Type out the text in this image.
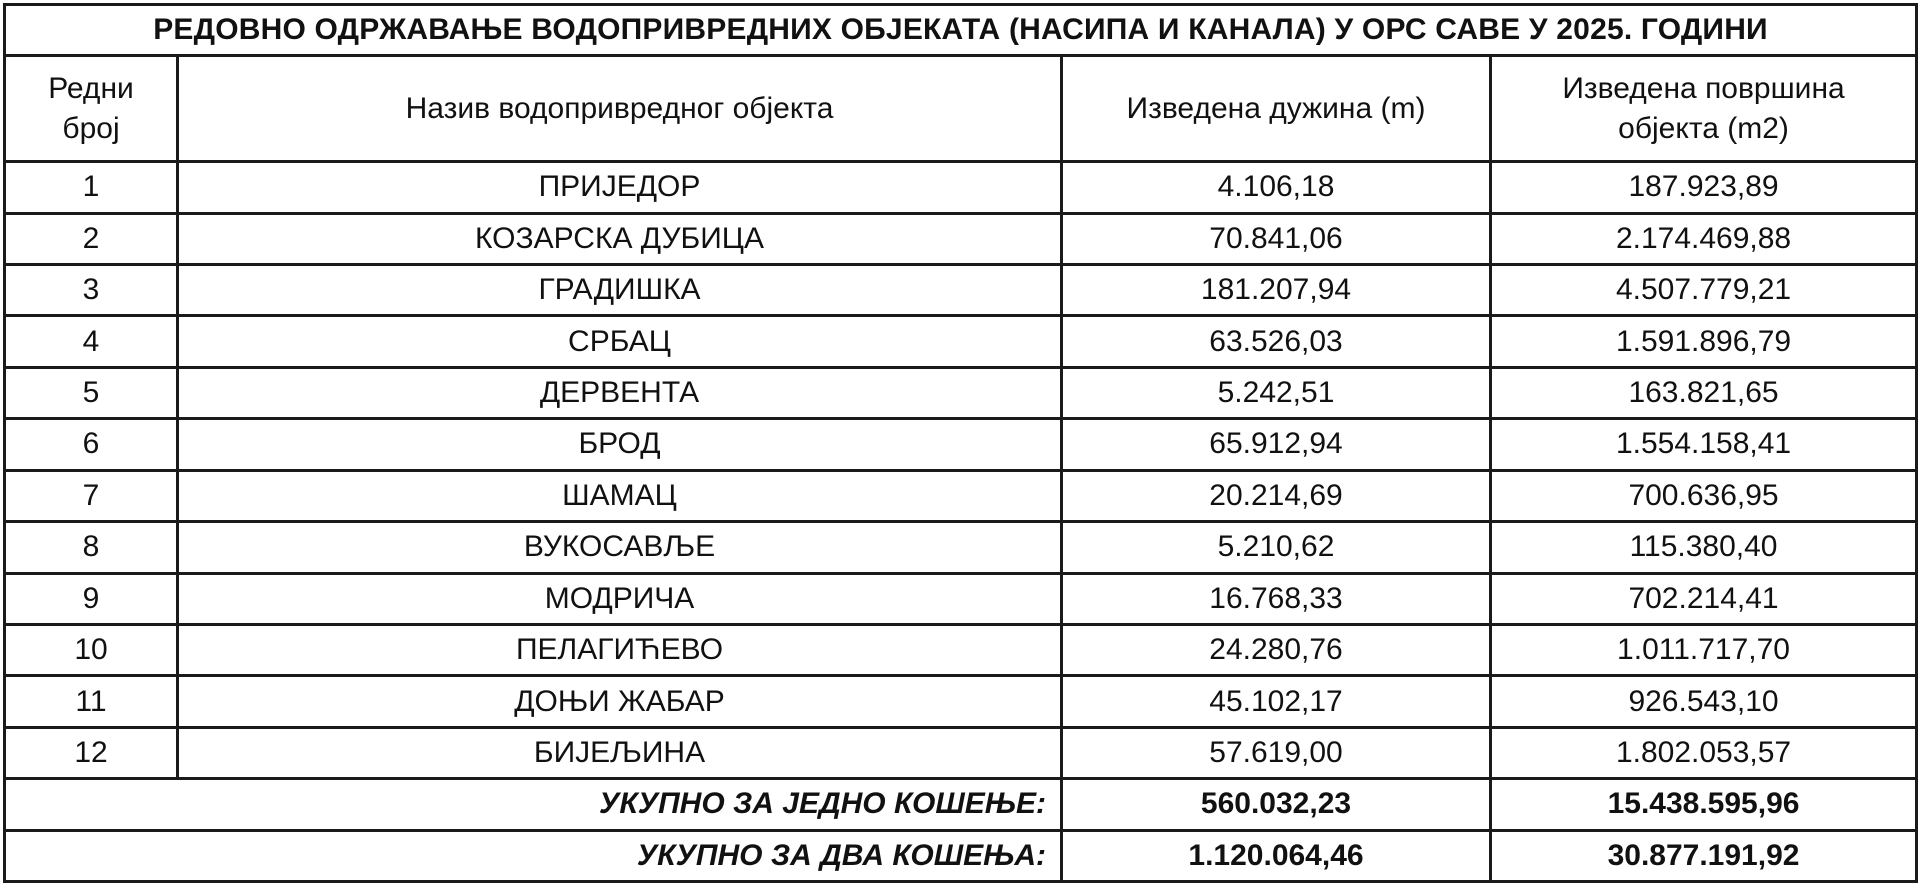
РЕДОВНО ОДРЖАВАЊЕ ВОДОПРИВРЕДНИХ ОБЈЕКАТА (НАСИПА И КАНАЛА) У ОРС САВЕ У 2025. ГОДИНИ			

Редни
број	Назив водопривредног објекта	Изведена дужина (m)	Изведена површина
објекта (m2)

1	ПРИЈЕДОР	4.106,18	187.923,89
2	КОЗАРСКА ДУБИЦА	70.841,06	2.174.469,88
3	ГРАДИШКА	181.207,94	4.507.779,21
4	СРБАЦ	63.526,03	1.591.896,79
5	ДЕРВЕНТА	5.242,51	163.821,65
6	БРОД	65.912,94	1.554.158,41
7	ШАМАЦ	20.214,69	700.636,95
8	ВУКОСАВЉЕ	5.210,62	115.380,40
9	МОДРИЧА	16.768,33	702.214,41
10	ПЕЛАГИЋЕВО	24.280,76	1.011.717,70
11	ДОЊИ ЖАБАР	45.102,17	926.543,10
12	БИЈЕЉИНА	57.619,00	1.802.053,57
УКУПНО ЗА ЈЕДНО КОШЕЊЕ:		560.032,23	15.438.595,96
УКУПНО ЗА ДВА КОШЕЊА:		1.120.064,46	30.877.191,92
